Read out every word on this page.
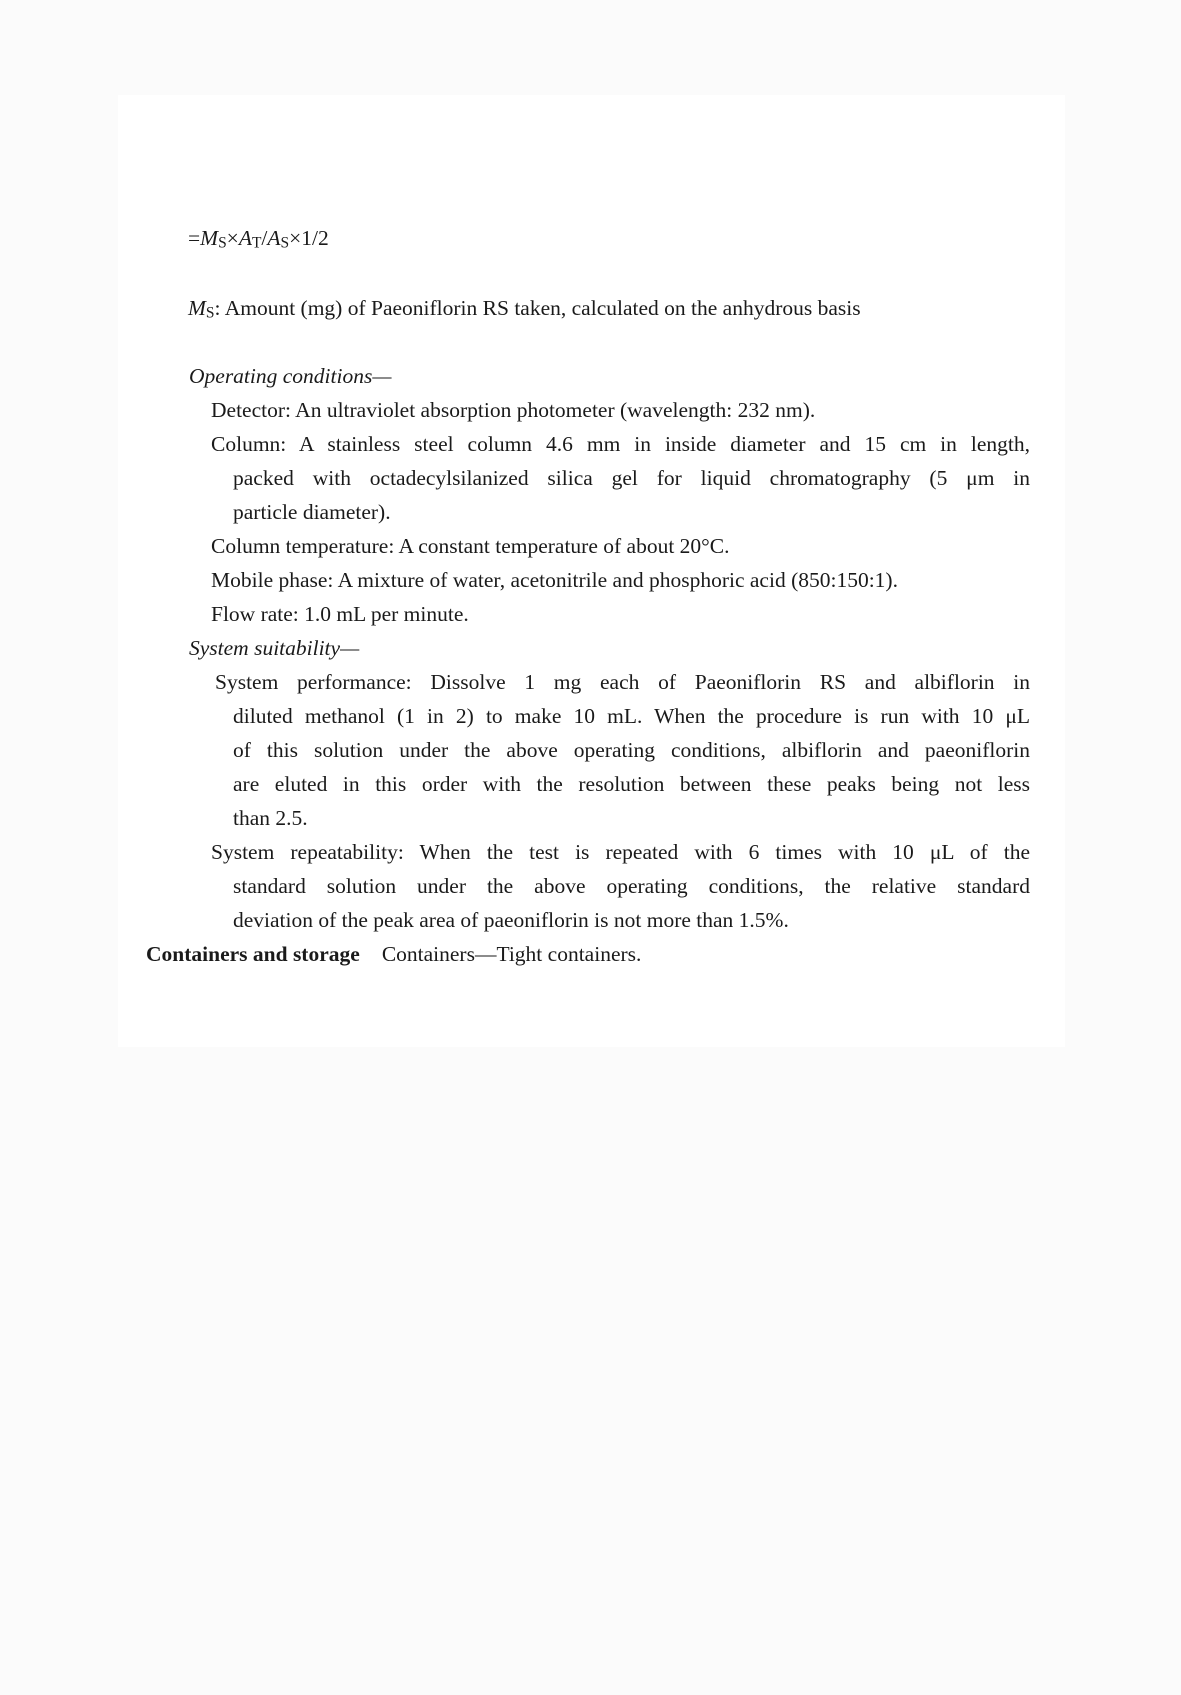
$=M_S\times A_T/A_S\times 1/2$
$M_S$: Amount (mg) of Paeoniflorin RS taken, calculated on the anhydrous basis
Operating conditions—
Detector: An ultraviolet absorption photometer (wavelength: 232 nm).
Column: A stainless steel column 4.6 mm in inside diameter and 15 cm in length,
packed with octadecylsilanized silica gel for liquid chromatography (5 μm in
particle diameter).
Column temperature: A constant temperature of about 20°C.
Mobile phase: A mixture of water, acetonitrile and phosphoric acid (850:150:1).
Flow rate: 1.0 mL per minute.
System suitability—
System performance: Dissolve 1 mg each of Paeoniflorin RS and albiflorin in
diluted methanol (1 in 2) to make 10 mL. When the procedure is run with 10 μL
of this solution under the above operating conditions, albiflorin and paeoniflorin
are eluted in this order with the resolution between these peaks being not less
than 2.5.
System repeatability: When the test is repeated with 6 times with 10 μL of the
standard solution under the above operating conditions, the relative standard
deviation of the peak area of paeoniflorin is not more than 1.5%.
Containers and storage Containers—Tight containers.
